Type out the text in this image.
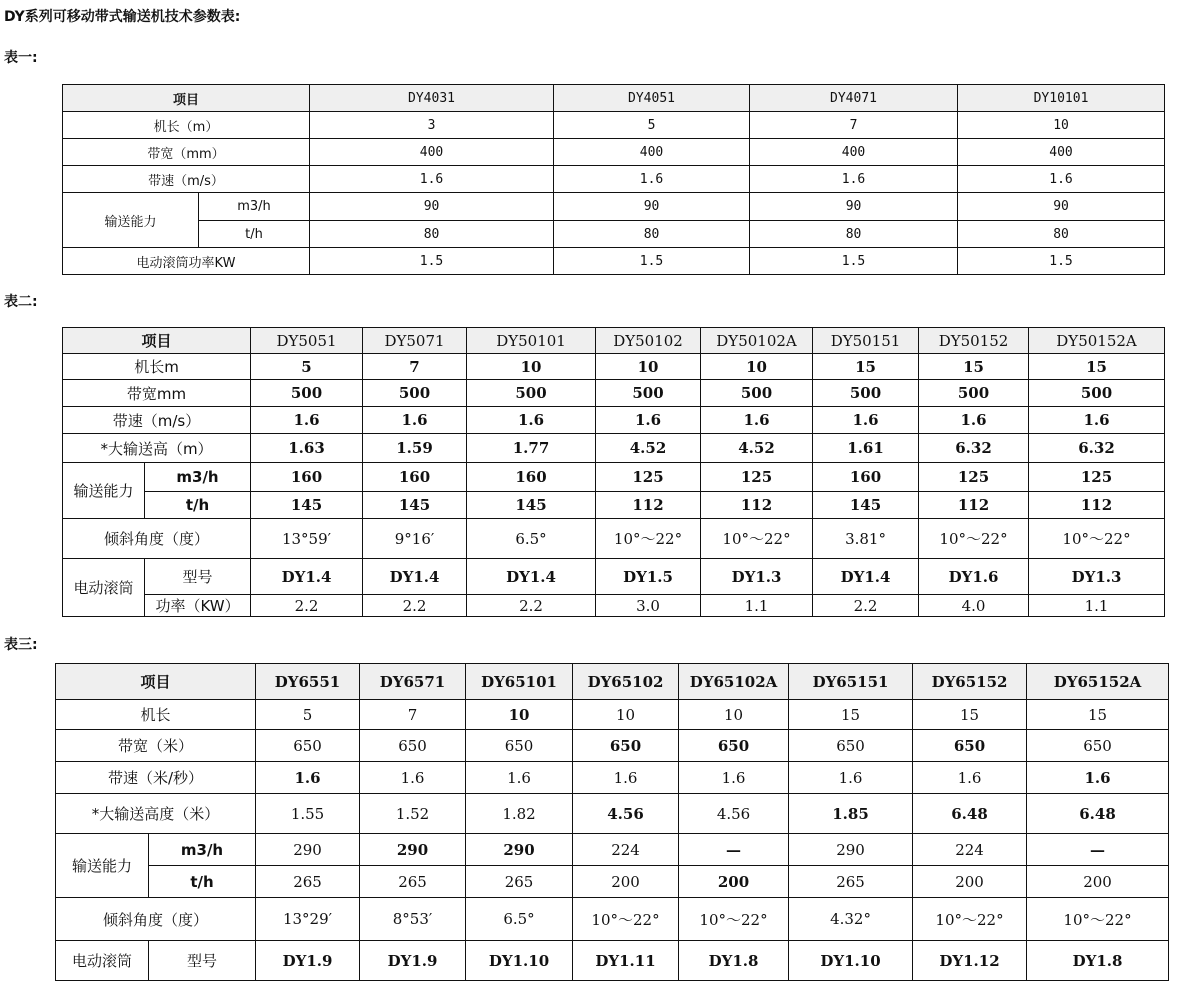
DY系列可移动带式输送机技术参数表:
表一:
表二:
表三:
项目		DY4031	DY4051	DY4071	DY10101
机长（m）		3	5	7	10
带宽（mm）		400	400	400	400
带速（m/s）		1.6	1.6	1.6	1.6
输送能力	m3/h	90	90	90	90
	t/h	80	80	80	80
电动滚筒功率KW		1.5	1.5	1.5	1.5
项目		DY5051	DY5071	DY50101	DY50102	DY50102A	DY50151	DY50152	DY50152A
机长m		5	7	10	10	10	15	15	15
带宽mm		500	500	500	500	500	500	500	500
带速（m/s）		1.6	1.6	1.6	1.6	1.6	1.6	1.6	1.6
*大输送高（m）		1.63	1.59	1.77	4.52	4.52	1.61	6.32	6.32
输送能力	m3/h	160	160	160	125	125	160	125	125
	t/h	145	145	145	112	112	145	112	112
倾斜角度（度）		13°59′	9°16′	6.5°	10°～22°	10°～22°	3.81°	10°～22°	10°～22°
电动滚筒	型号	DY1.4	DY1.4	DY1.4	DY1.5	DY1.3	DY1.4	DY1.6	DY1.3
	功率（KW）	2.2	2.2	2.2	3.0	1.1	2.2	4.0	1.1
项目		DY6551	DY6571	DY65101	DY65102	DY65102A	DY65151	DY65152	DY65152A
机长		5	7	10	10	10	15	15	15
带宽（米）		650	650	650	650	650	650	650	650
带速（米/秒）		1.6	1.6	1.6	1.6	1.6	1.6	1.6	1.6
*大输送高度（米）		1.55	1.52	1.82	4.56	4.56	1.85	6.48	6.48
输送能力	m3/h	290	290	290	224	—	290	224	—
	t/h	265	265	265	200	200	265	200	200
倾斜角度（度）		13°29′	8°53′	6.5°	10°～22°	10°～22°	4.32°	10°～22°	10°～22°
电动滚筒	型号	DY1.9	DY1.9	DY1.10	DY1.11	DY1.8	DY1.10	DY1.12	DY1.8
